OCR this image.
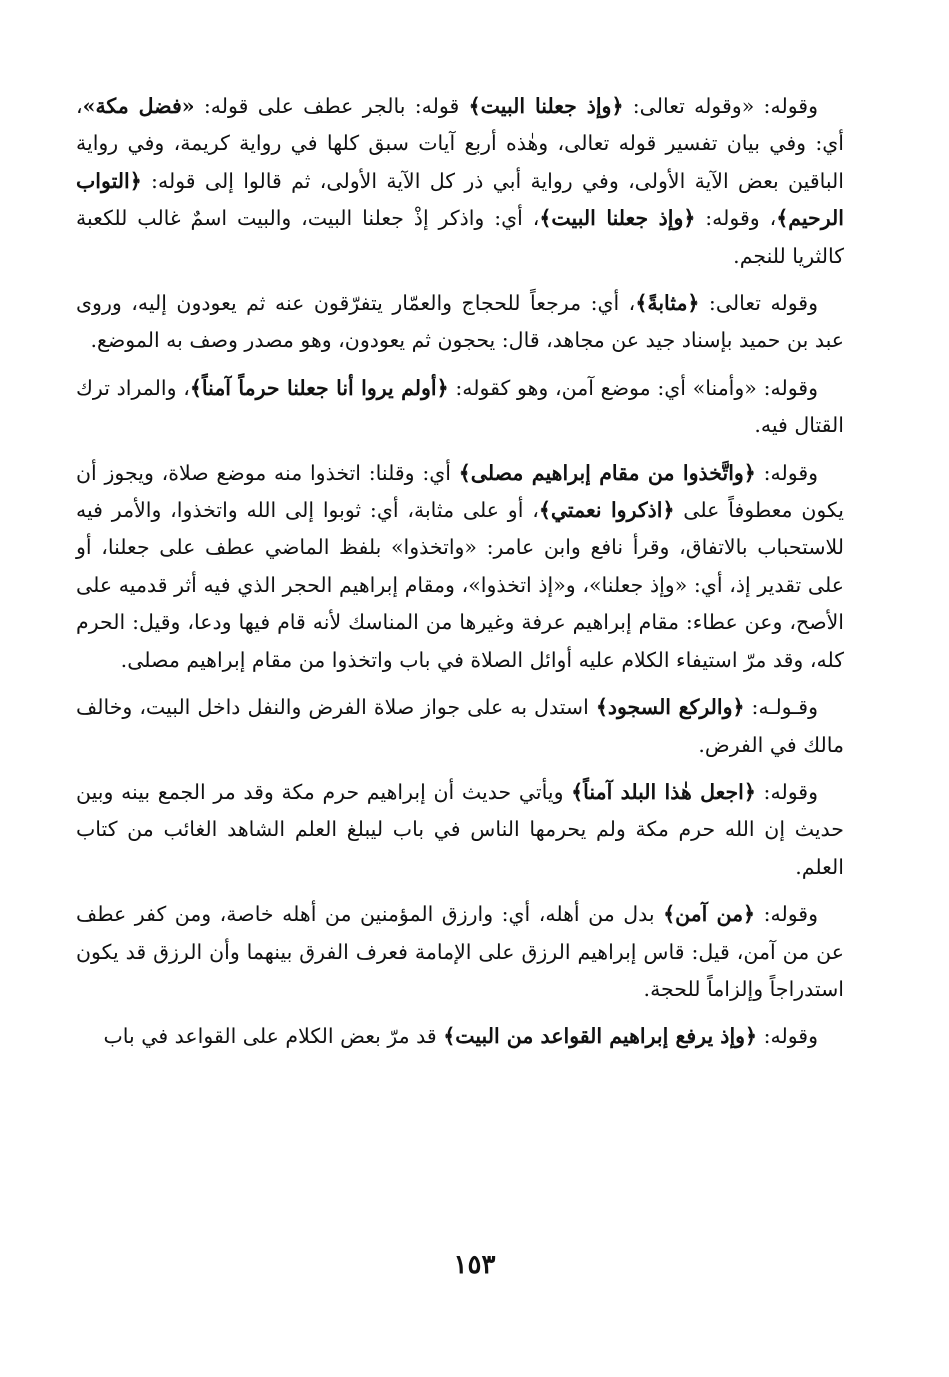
وقوله: «وقوله تعالى: ﴿وإذ جعلنا البيت﴾ قوله: بالجر عطف على قوله: «فضل مكة»، أي: وفي بيان تفسير قوله تعالى، وهٰذه أربع آيات سبق كلها في رواية كريمة، وفي رواية الباقين بعض الآية الأولى، وفي رواية أبي ذر كل الآية الأولى، ثم قالوا إلى قوله: ﴿التواب الرحيم﴾، وقوله: ﴿وإذ جعلنا البيت﴾، أي: واذكر إذْ جعلنا البيت، والبيت اسمٌ غالب للكعبة كالثريا للنجم.

وقوله تعالى: ﴿مثابةً﴾، أي: مرجعاً للحجاج والعمّار يتفرّقون عنه ثم يعودون إليه، وروى عبد بن حميد بإسناد جيد عن مجاهد، قال: يحجون ثم يعودون، وهو مصدر وصف به الموضع.

وقوله: «وأمنا» أي: موضع آمن، وهو كقوله: ﴿أولم يروا أنا جعلنا حرماً آمناً﴾، والمراد ترك القتال فيه.

وقوله: ﴿واتَّخذوا من مقام إبراهيم مصلى﴾ أي: وقلنا: اتخذوا منه موضع صلاة، ويجوز أن يكون معطوفاً على ﴿اذكروا نعمتي﴾، أو على مثابة، أي: ثوبوا إلى الله واتخذوا، والأمر فيه للاستحباب بالاتفاق، وقرأ نافع وابن عامر: «واتخذوا» بلفظ الماضي عطف على جعلنا، أو على تقدير إذ، أي: «وإذ جعلنا»، و«إذ اتخذوا»، ومقام إبراهيم الحجر الذي فيه أثر قدميه على الأصح، وعن عطاء: مقام إبراهيم عرفة وغيرها من المناسك لأنه قام فيها ودعا، وقيل: الحرم كله، وقد مرّ استيفاء الكلام عليه أوائل الصلاة في باب واتخذوا من مقام إبراهيم مصلى.

وقـولـه: ﴿والركع السجود﴾ استدل به على جواز صلاة الفرض والنفل داخل البيت، وخالف مالك في الفرض.

وقوله: ﴿اجعل هٰذا البلد آمناً﴾ ويأتي حديث أن إبراهيم حرم مكة وقد مر الجمع بينه وبين حديث إن الله حرم مكة ولم يحرمها الناس في باب ليبلغ العلم الشاهد الغائب من كتاب العلم.

وقوله: ﴿من آمن﴾ بدل من أهله، أي: وارزق المؤمنين من أهله خاصة، ومن كفر عطف عن من آمن، قيل: قاس إبراهيم الرزق على الإمامة فعرف الفرق بينهما وأن الرزق قد يكون استدراجاً وإلزاماً للحجة.

وقوله: ﴿وإذ يرفع إبراهيم القواعد من البيت﴾ قد مرّ بعض الكلام على القواعد في باب

١٥٣
